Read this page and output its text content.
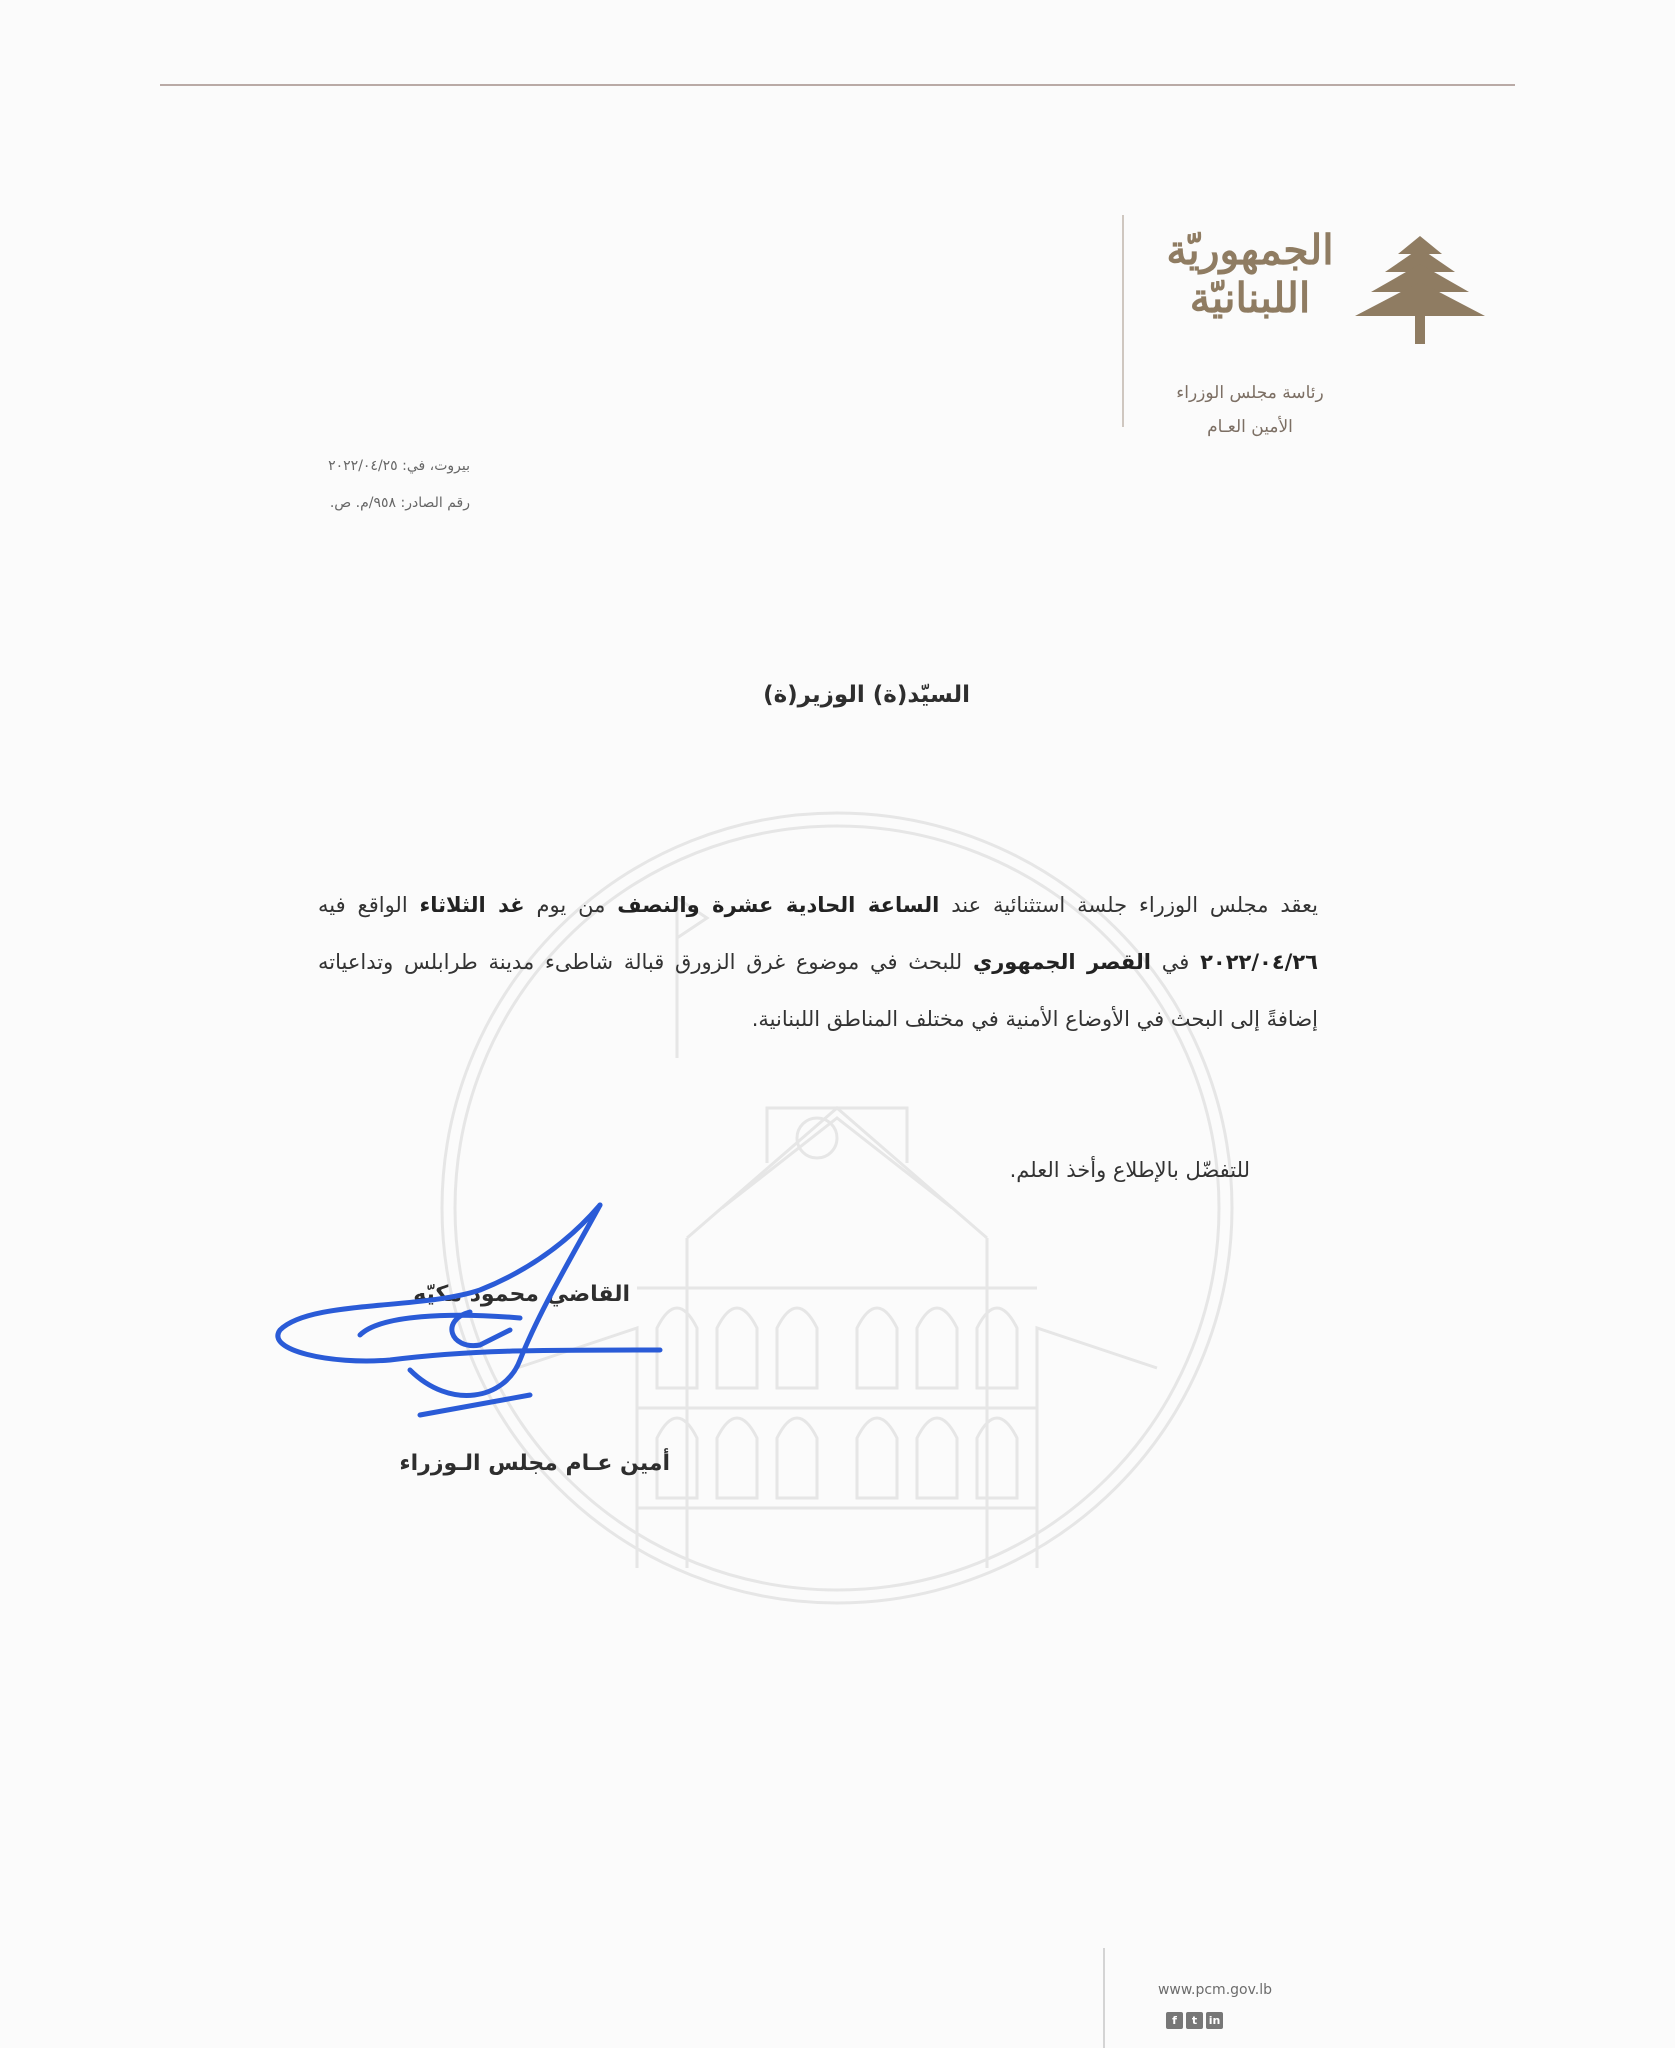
الجمهوريّة
اللبنانيّة
رئاسة مجلس الوزراء
الأمين العـام
بيروت، في: ٢٠٢٢/٠٤/٢٥
رقم الصادر: ٩٥٨/م. ص.
السيّد(ة) الوزير(ة)
يعقد مجلس الوزراء جلسة استثنائية عند الساعة الحادية عشرة والنصف من يوم غد الثلاثاء الواقع فيه ٢٠٢٢/٠٤/٢٦ في القصر الجمهوري للبحث في موضوع غرق الزورق قبالة شاطىء مدينة طرابلس وتداعياته إضافةً إلى البحث في الأوضاع الأمنية في مختلف المناطق اللبنانية.
للتفضّل بالإطلاع وأخذ العلم.
القاضي محمود مكيّه
أمين عـام مجلس الـوزراء
www.pcm.gov.lb
f	t	in
